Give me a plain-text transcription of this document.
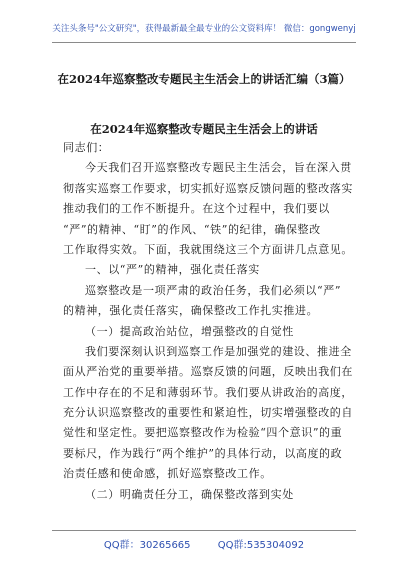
关注头条号"公文研究"，获得最新最全最专业的公文资料库！ 微信：gongwenyj
在2024年巡察整改专题民主生活会上的讲话汇编（3篇）
在2024年巡察整改专题民主生活会上的讲话
同志们：
今天我们召开巡察整改专题民主生活会，旨在深入贯
彻落实巡察工作要求，切实抓好巡察反馈问题的整改落实
推动我们的工作不断提升。在这个过程中，我们要以
“严”的精神、“盯”的作风、“铁”的纪律，确保整改
工作取得实效。下面，我就围绕这三个方面讲几点意见。
一、以“严”的精神，强化责任落实
巡察整改是一项严肃的政治任务，我们必须以“严”
的精神，强化责任落实，确保整改工作扎实推进。
（一）提高政治站位，增强整改的自觉性
我们要深刻认识到巡察工作是加强党的建设、推进全
面从严治党的重要举措。巡察反馈的问题，反映出我们在
工作中存在的不足和薄弱环节。我们要从讲政治的高度，
充分认识巡察整改的重要性和紧迫性，切实增强整改的自
觉性和坚定性。要把巡察整改作为检验“四个意识”的重
要标尺，作为践行“两个维护”的具体行动，以高度的政
治责任感和使命感，抓好巡察整改工作。
（二）明确责任分工，确保整改落到实处
QQ群：30265665	QQ群:535304092
